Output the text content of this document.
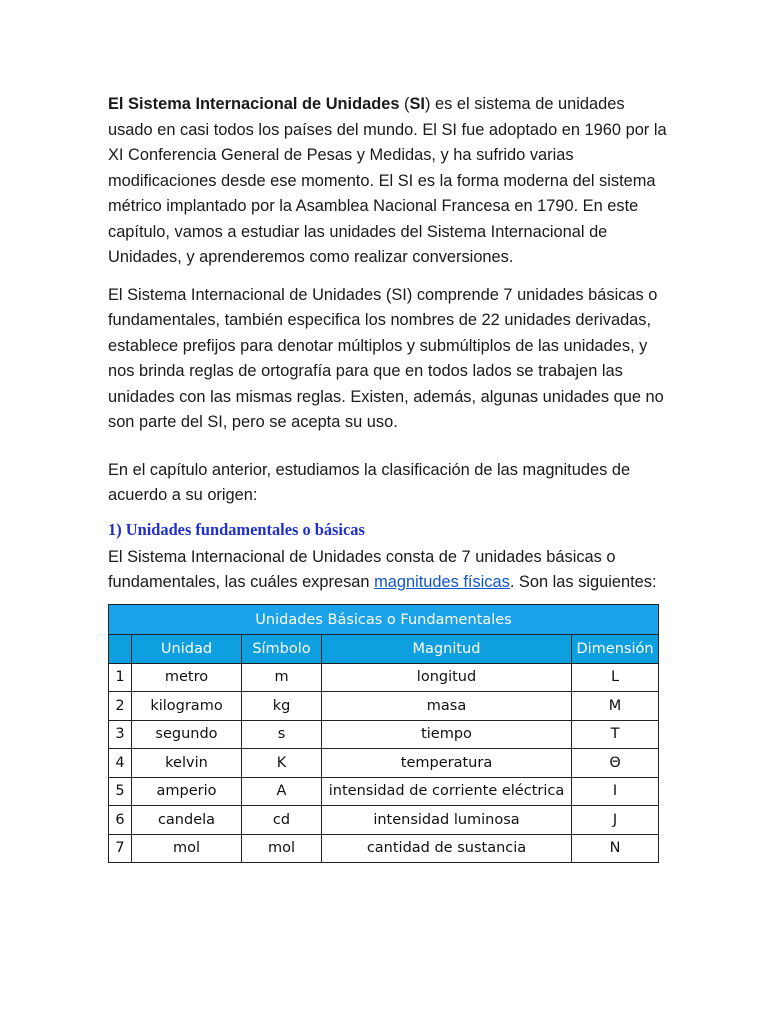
El Sistema Internacional de Unidades (SI) es el sistema de unidades usado en casi todos los países del mundo. El SI fue adoptado en 1960 por la XI Conferencia General de Pesas y Medidas, y ha sufrido varias modificaciones desde ese momento. El SI es la forma moderna del sistema métrico implantado por la Asamblea Nacional Francesa en 1790. En este capítulo, vamos a estudiar las unidades del Sistema Internacional de Unidades, y aprenderemos como realizar conversiones.

El Sistema Internacional de Unidades (SI) comprende 7 unidades básicas o fundamentales, también especifica los nombres de 22 unidades derivadas, establece prefijos para denotar múltiplos y submúltiplos de las unidades, y nos brinda reglas de ortografía para que en todos lados se trabajen las unidades con las mismas reglas. Existen, además, algunas unidades que no son parte del SI, pero se acepta su uso.

En el capítulo anterior, estudiamos la clasificación de las magnitudes de acuerdo a su origen:

1) Unidades fundamentales o básicas

El Sistema Internacional de Unidades consta de 7 unidades básicas o fundamentales, las cuáles expresan magnitudes físicas. Son las siguientes:

Unidades Básicas o Fundamentales				
	Unidad	Símbolo	Magnitud	Dimensión
1	metro	m	longitud	L
2	kilogramo	kg	masa	M
3	segundo	s	tiempo	T
4	kelvin	K	temperatura	Θ
5	amperio	A	intensidad de corriente eléctrica	I
6	candela	cd	intensidad luminosa	J
7	mol	mol	cantidad de sustancia	N
